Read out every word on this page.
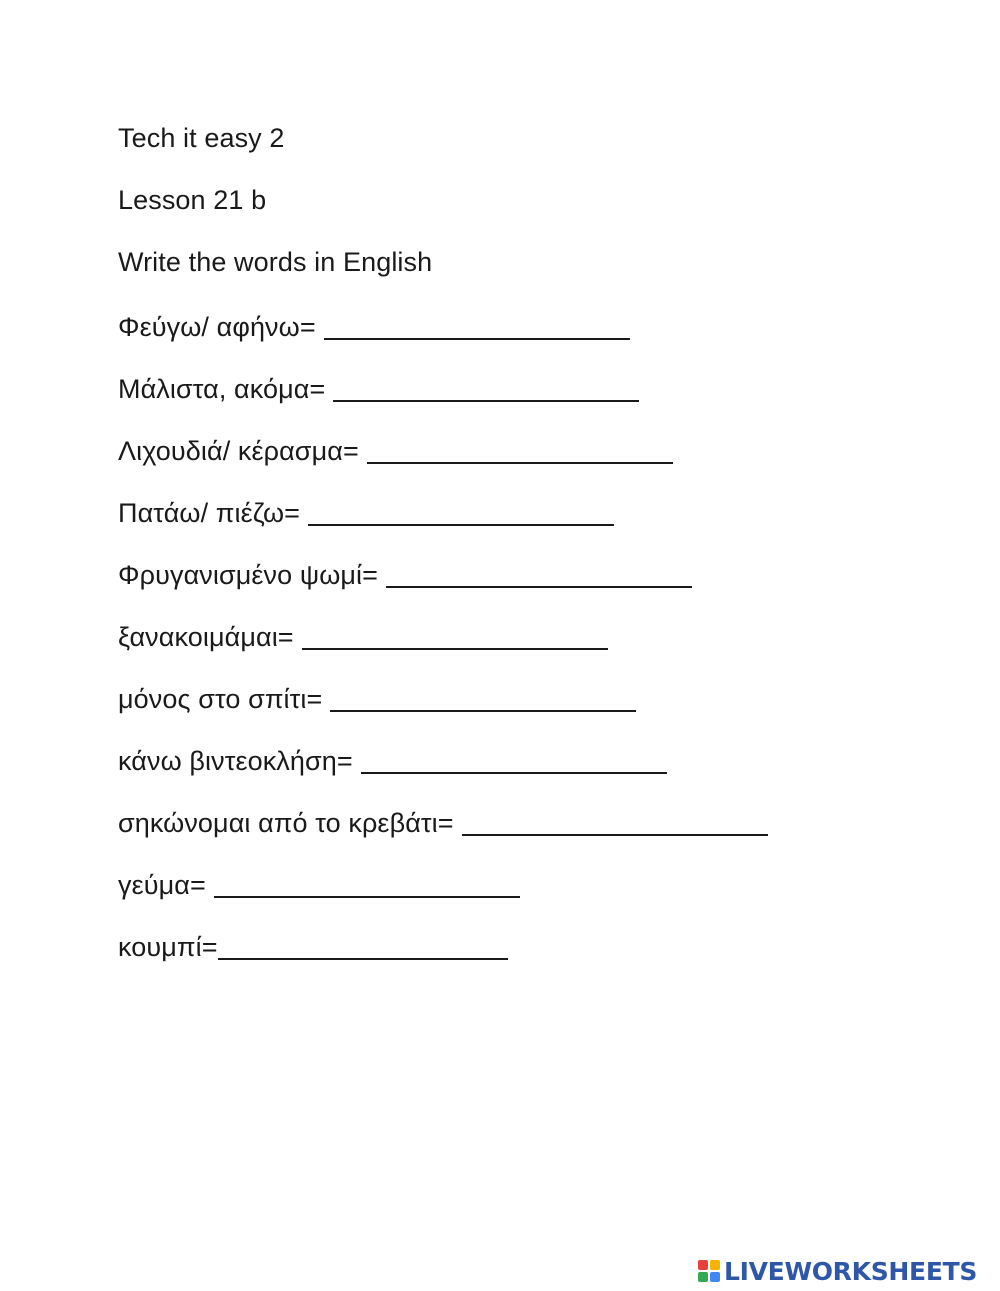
Tech it easy 2
Lesson 21 b
Write the words in English
Φεύγω/ αφήνω=
Μάλιστα, ακόμα=
Λιχουδιά/ κέρασμα=
Πατάω/ πιέζω=
Φρυγανισμένο ψωμί=
ξανακοιμάμαι=
μόνος στο σπίτι=
κάνω βιντεοκλήση=
σηκώνομαι από το κρεβάτι=
γεύμα=
κουμπί=
LIVEWORKSHEETS
